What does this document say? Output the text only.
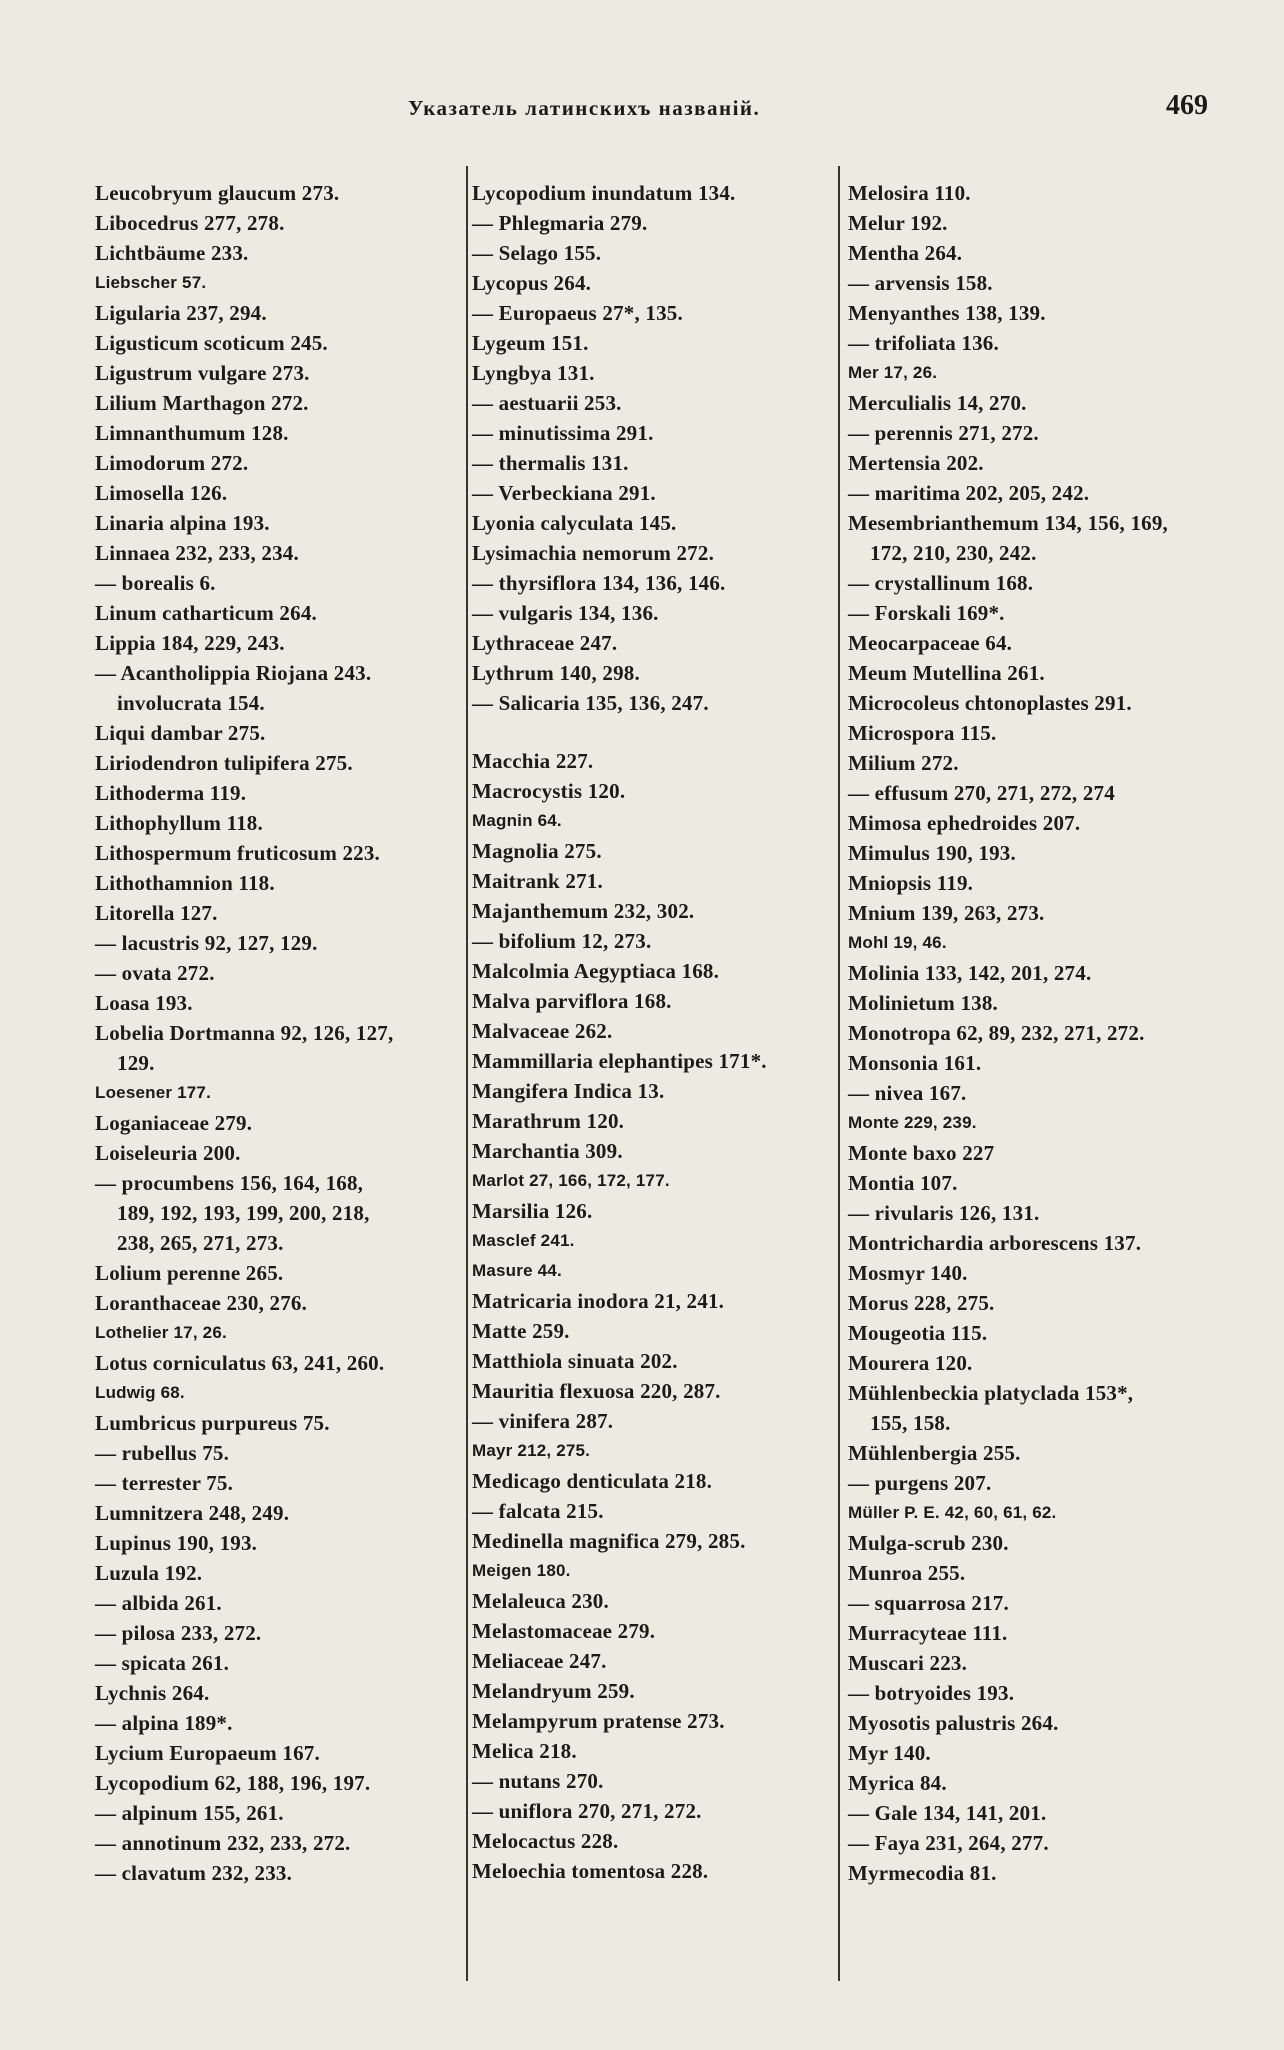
Указатель латинскихъ названій.	469
Leucobryum glaucum 273.
Libocedrus 277, 278.
Lichtbäume 233.
Liebscher 57.
Ligularia 237, 294.
Ligusticum scoticum 245.
Ligustrum vulgare 273.
Lilium Marthagon 272.
Limnanthumum 128.
Limodorum 272.
Limosella 126.
Linaria alpina 193.
Linnaea 232, 233, 234.
— borealis 6.
Linum catharticum 264.
Lippia 184, 229, 243.
— Acantholippia Riojana 243.
involucrata 154.
Liqui dambar 275.
Liriodendron tulipifera 275.
Lithoderma 119.
Lithophyllum 118.
Lithospermum fruticosum 223.
Lithothamnion 118.
Litorella 127.
— lacustris 92, 127, 129.
— ovata 272.
Loasa 193.
Lobelia Dortmanna 92, 126, 127,
129.
Loesener 177.
Loganiaceae 279.
Loiseleuria 200.
— procumbens 156, 164, 168,
189, 192, 193, 199, 200, 218,
238, 265, 271, 273.
Lolium perenne 265.
Loranthaceae 230, 276.
Lothelier 17, 26.
Lotus corniculatus 63, 241, 260.
Ludwig 68.
Lumbricus purpureus 75.
— rubellus 75.
— terrester 75.
Lumnitzera 248, 249.
Lupinus 190, 193.
Luzula 192.
— albida 261.
— pilosa 233, 272.
— spicata 261.
Lychnis 264.
— alpina 189*.
Lycium Europaeum 167.
Lycopodium 62, 188, 196, 197.
— alpinum 155, 261.
— annotinum 232, 233, 272.
— clavatum 232, 233.
Lycopodium inundatum 134.
— Phlegmaria 279.
— Selago 155.
Lycopus 264.
— Europaeus 27*, 135.
Lygeum 151.
Lyngbya 131.
— aestuarii 253.
— minutissima 291.
— thermalis 131.
— Verbeckiana 291.
Lyonia calyculata 145.
Lysimachia nemorum 272.
— thyrsiflora 134, 136, 146.
— vulgaris 134, 136.
Lythraceae 247.
Lythrum 140, 298.
— Salicaria 135, 136, 247.
Macchia 227.
Macrocystis 120.
Magnin 64.
Magnolia 275.
Maitrank 271.
Majanthemum 232, 302.
— bifolium 12, 273.
Malcolmia Aegyptiaca 168.
Malva parviflora 168.
Malvaceae 262.
Mammillaria elephantipes 171*.
Mangifera Indica 13.
Marathrum 120.
Marchantia 309.
Marlot 27, 166, 172, 177.
Marsilia 126.
Masclef 241.
Masure 44.
Matricaria inodora 21, 241.
Matte 259.
Matthiola sinuata 202.
Mauritia flexuosa 220, 287.
— vinifera 287.
Mayr 212, 275.
Medicago denticulata 218.
— falcata 215.
Medinella magnifica 279, 285.
Meigen 180.
Melaleuca 230.
Melastomaceae 279.
Meliaceae 247.
Melandryum 259.
Melampyrum pratense 273.
Melica 218.
— nutans 270.
— uniflora 270, 271, 272.
Melocactus 228.
Meloechia tomentosa 228.
Melosira 110.
Melur 192.
Mentha 264.
— arvensis 158.
Menyanthes 138, 139.
— trifoliata 136.
Mer 17, 26.
Merculialis 14, 270.
— perennis 271, 272.
Mertensia 202.
— maritima 202, 205, 242.
Mesembrianthemum 134, 156, 169,
172, 210, 230, 242.
— crystallinum 168.
— Forskali 169*.
Meocarpaceae 64.
Meum Mutellina 261.
Microcoleus chtonoplastes 291.
Microspora 115.
Milium 272.
— effusum 270, 271, 272, 274
Mimosa ephedroides 207.
Mimulus 190, 193.
Mniopsis 119.
Mnium 139, 263, 273.
Mohl 19, 46.
Molinia 133, 142, 201, 274.
Molinietum 138.
Monotropa 62, 89, 232, 271, 272.
Monsonia 161.
— nivea 167.
Monte 229, 239.
Monte baxo 227
Montia 107.
— rivularis 126, 131.
Montrichardia arborescens 137.
Mosmyr 140.
Morus 228, 275.
Mougeotia 115.
Mourera 120.
Mühlenbeckia platyclada 153*,
155, 158.
Mühlenbergia 255.
— purgens 207.
Müller P. E. 42, 60, 61, 62.
Mulga-scrub 230.
Munroa 255.
— squarrosa 217.
Murracyteae 111.
Muscari 223.
— botryoides 193.
Myosotis palustris 264.
Myr 140.
Myrica 84.
— Gale 134, 141, 201.
— Faya 231, 264, 277.
Myrmecodia 81.
